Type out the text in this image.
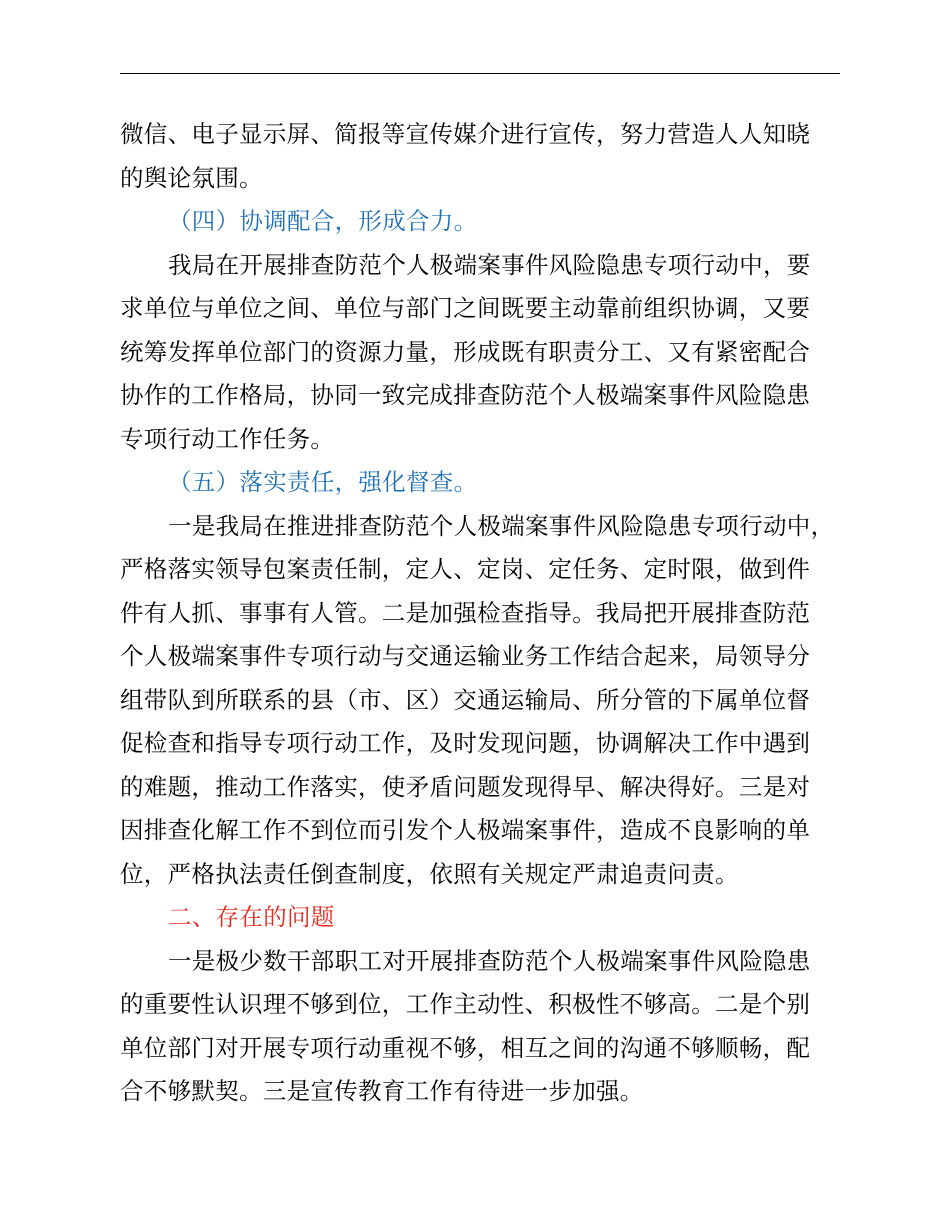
微信、电子显示屏、简报等宣传媒介进行宣传，努力营造人人知晓
的舆论氛围。
（四）协调配合，形成合力。
我局在开展排查防范个人极端案事件风险隐患专项行动中，要
求单位与单位之间、单位与部门之间既要主动靠前组织协调，又要
统筹发挥单位部门的资源力量，形成既有职责分工、又有紧密配合
协作的工作格局，协同一致完成排查防范个人极端案事件风险隐患
专项行动工作任务。
（五）落实责任，强化督查。
一是我局在推进排查防范个人极端案事件风险隐患专项行动中，
严格落实领导包案责任制，定人、定岗、定任务、定时限，做到件
件有人抓、事事有人管。二是加强检查指导。我局把开展排查防范
个人极端案事件专项行动与交通运输业务工作结合起来，局领导分
组带队到所联系的县（市、区）交通运输局、所分管的下属单位督
促检查和指导专项行动工作，及时发现问题，协调解决工作中遇到
的难题，推动工作落实，使矛盾问题发现得早、解决得好。三是对
因排查化解工作不到位而引发个人极端案事件，造成不良影响的单
位，严格执法责任倒查制度，依照有关规定严肃追责问责。
二、存在的问题
一是极少数干部职工对开展排查防范个人极端案事件风险隐患
的重要性认识理不够到位，工作主动性、积极性不够高。二是个别
单位部门对开展专项行动重视不够，相互之间的沟通不够顺畅，配
合不够默契。三是宣传教育工作有待进一步加强。
